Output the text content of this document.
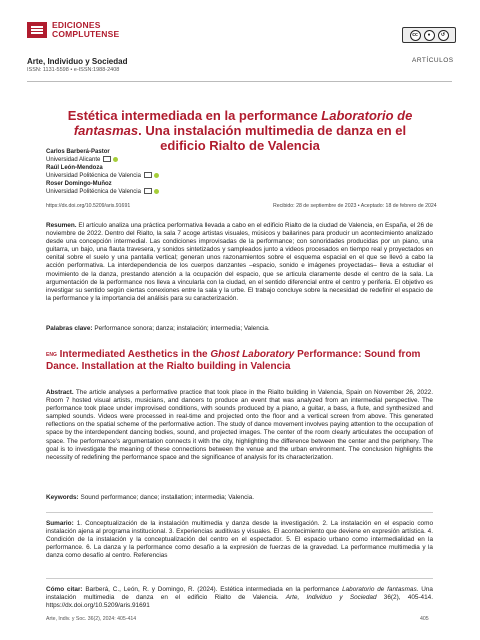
EDICIONES
COMPLUTENSE	cc	●	↺
Arte, Individuo y Sociedad
ISSN: 1131-5598 • e-ISSN:1988-2408
ARTÍCULOS
Estética intermediada en la performance Laboratorio de fantasmas. Una instalación multimedia de danza en el edificio Rialto de Valencia
Carlos Barberá-Pastor
Universidad Alicante
Raúl León-Mendoza
Universidad Politécnica de Valencia
Roser Domingo-Muñoz
Universidad Politécnica de Valencia
https://dx.doi.org/10.5209/aris.91691	Recibido: 28 de septiembre de 2023 • Aceptado: 18 de febrero de 2024
Resumen. El artículo analiza una práctica performativa llevada a cabo en el edificio Rialto de la ciudad de Valencia, en España, el 26 de noviembre de 2022. Dentro del Rialto, la sala 7 acoge artistas visuales, músicos y bailarines para producir un acontecimiento analizado desde una concepción intermedial. Las condiciones improvisadas de la performance; con sonoridades producidas por un piano, una guitarra, un bajo, una flauta travesera, y sonidos sintetizados y sampleados junto a videos procesados en tiempo real y proyectados en cenital sobre el suelo y una pantalla vertical; generan unos razonamientos sobre el esquema espacial en el que se llevó a cabo la acción performativa. La interdependencia de los cuerpos danzantes –espacio, sonido e imágenes proyectadas– lleva a estudiar el movimiento de la danza, prestando atención a la ocupación del espacio, que se articula claramente desde el centro de la sala. La argumentación de la performance nos lleva a vincularla con la ciudad, en el sentido diferencial entre el centro y periferia. El objetivo es investigar su sentido según ciertas conexiones entre la sala y la urbe. El trabajo concluye sobre la necesidad de redefinir el espacio de la performance y la importancia del análisis para su caracterización.
Palabras clave: Performance sonora; danza; instalación; intermedia; Valencia.
$^{ENG}$ Intermediated Aesthetics in the Ghost Laboratory Performance: Sound from Dance. Installation at the Rialto building in Valencia
Abstract. The article analyses a performative practice that took place in the Rialto building in Valencia, Spain on November 26, 2022. Room 7 hosted visual artists, musicians, and dancers to produce an event that was analyzed from an intermedial perspective. The performance took place under improvised conditions, with sounds produced by a piano, a guitar, a bass, a flute, and synthesized and sampled sounds. Videos were processed in real-time and projected onto the floor and a vertical screen from above. This generated reflections on the spatial scheme of the performative action. The study of dance movement involves paying attention to the occupation of space by the interdependent dancing bodies, sound, and projected images. The center of the room clearly articulates the occupation of space. The performance's argumentation connects it with the city, highlighting the difference between the center and the periphery. The goal is to investigate the meaning of these connections between the venue and the urban environment. The conclusion highlights the necessity of redefining the performance space and the significance of analysis for its characterization.
Keywords: Sound performance; dance; installation; intermedia; Valencia.
Sumario: 1. Conceptualización de la instalación multimedia y danza desde la investigación. 2. La instalación en el espacio como instalación ajena al programa institucional. 3. Experiencias auditivas y visuales. El acontecimiento que deviene en expresión artística. 4. Condición de la instalación y la conceptualización del centro en el espectador. 5. El espacio urbano como intermedialidad en la performance. 6. La danza y la performance como desafío a la expresión de fuerzas de la gravedad. La performance multimedia y la danza como desafío al centro. Referencias
Cómo citar: Barberá, C., León, R. y Domingo, R. (2024). Estética intermediada en la performance Laboratorio de fantasmas. Una instalación multimedia de danza en el edificio Rialto de Valencia. Arte, Individuo y Sociedad 36(2), 405-414. https://dx.doi.org/10.5209/aris.91691
Arte, Indiv. y Soc. 36(2), 2024: 405-414	405
